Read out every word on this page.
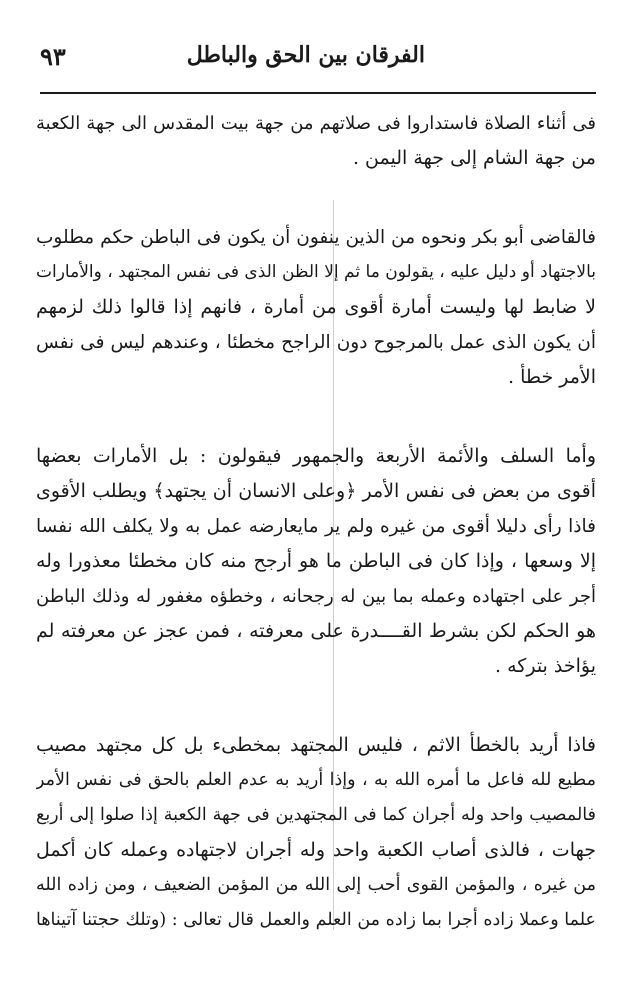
الفرقان بين الحق والباطل
٩٣
فى أثناء الصلاة فاستداروا فى صلاتهم من جهة بيت المقدس الى جهة الكعبة
من جهة الشام إلى جهة اليمن .
فالقاضى أبو بكر ونحوه من الذين ينفون أن يكون فى الباطن حكم مطلوب
بالاجتهاد أو دليل عليه ، يقولون ما ثم إلا الظن الذى فى نفس المجتهد ، والأمارات
لا ضابط لها وليست أمارة أقوى من أمارة ، فانهم إذا قالوا ذلك لزمهم
أن يكون الذى عمل بالمرجوح دون الراجح مخطئا ، وعندهم ليس فى نفس
الأمر خطأ .
وأما السلف والأئمة الأربعة والجمهور فيقولون : بل الأمارات بعضها
أقوى من بعض فى نفس الأمر ﴿وعلى الانسان أن يجتهد﴾ ويطلب الأقوى
فاذا رأى دليلا أقوى من غيره ولم ير مايعارضه عمل به ولا يكلف الله نفسا
إلا وسعها ، وإذا كان فى الباطن ما هو أرجح منه كان مخطئا معذورا وله
أجر على اجتهاده وعمله بما بين له رجحانه ، وخطؤه مغفور له وذلك الباطن
هو الحكم لكن بشرط القــــدرة على معرفته ، فمن عجز عن معرفته لم
يؤاخذ بتركه .
فاذا أريد بالخطأ الاثم ، فليس المجتهد بمخطىء بل كل مجتهد مصيب
مطيع لله فاعل ما أمره الله به ، وإذا أريد به عدم العلم بالحق فى نفس الأمر
فالمصيب واحد وله أجران كما فى المجتهدين فى جهة الكعبة إذا صلوا إلى أربع
جهات ، فالذى أصاب الكعبة واحد وله أجران لاجتهاده وعمله كان أكمل
من غيره ، والمؤمن القوى أحب إلى الله من المؤمن الضعيف ، ومن زاده الله
علما وعملا زاده أجرا بما زاده من العلم والعمل قال تعالى : (وتلك حجتنا آتيناها
